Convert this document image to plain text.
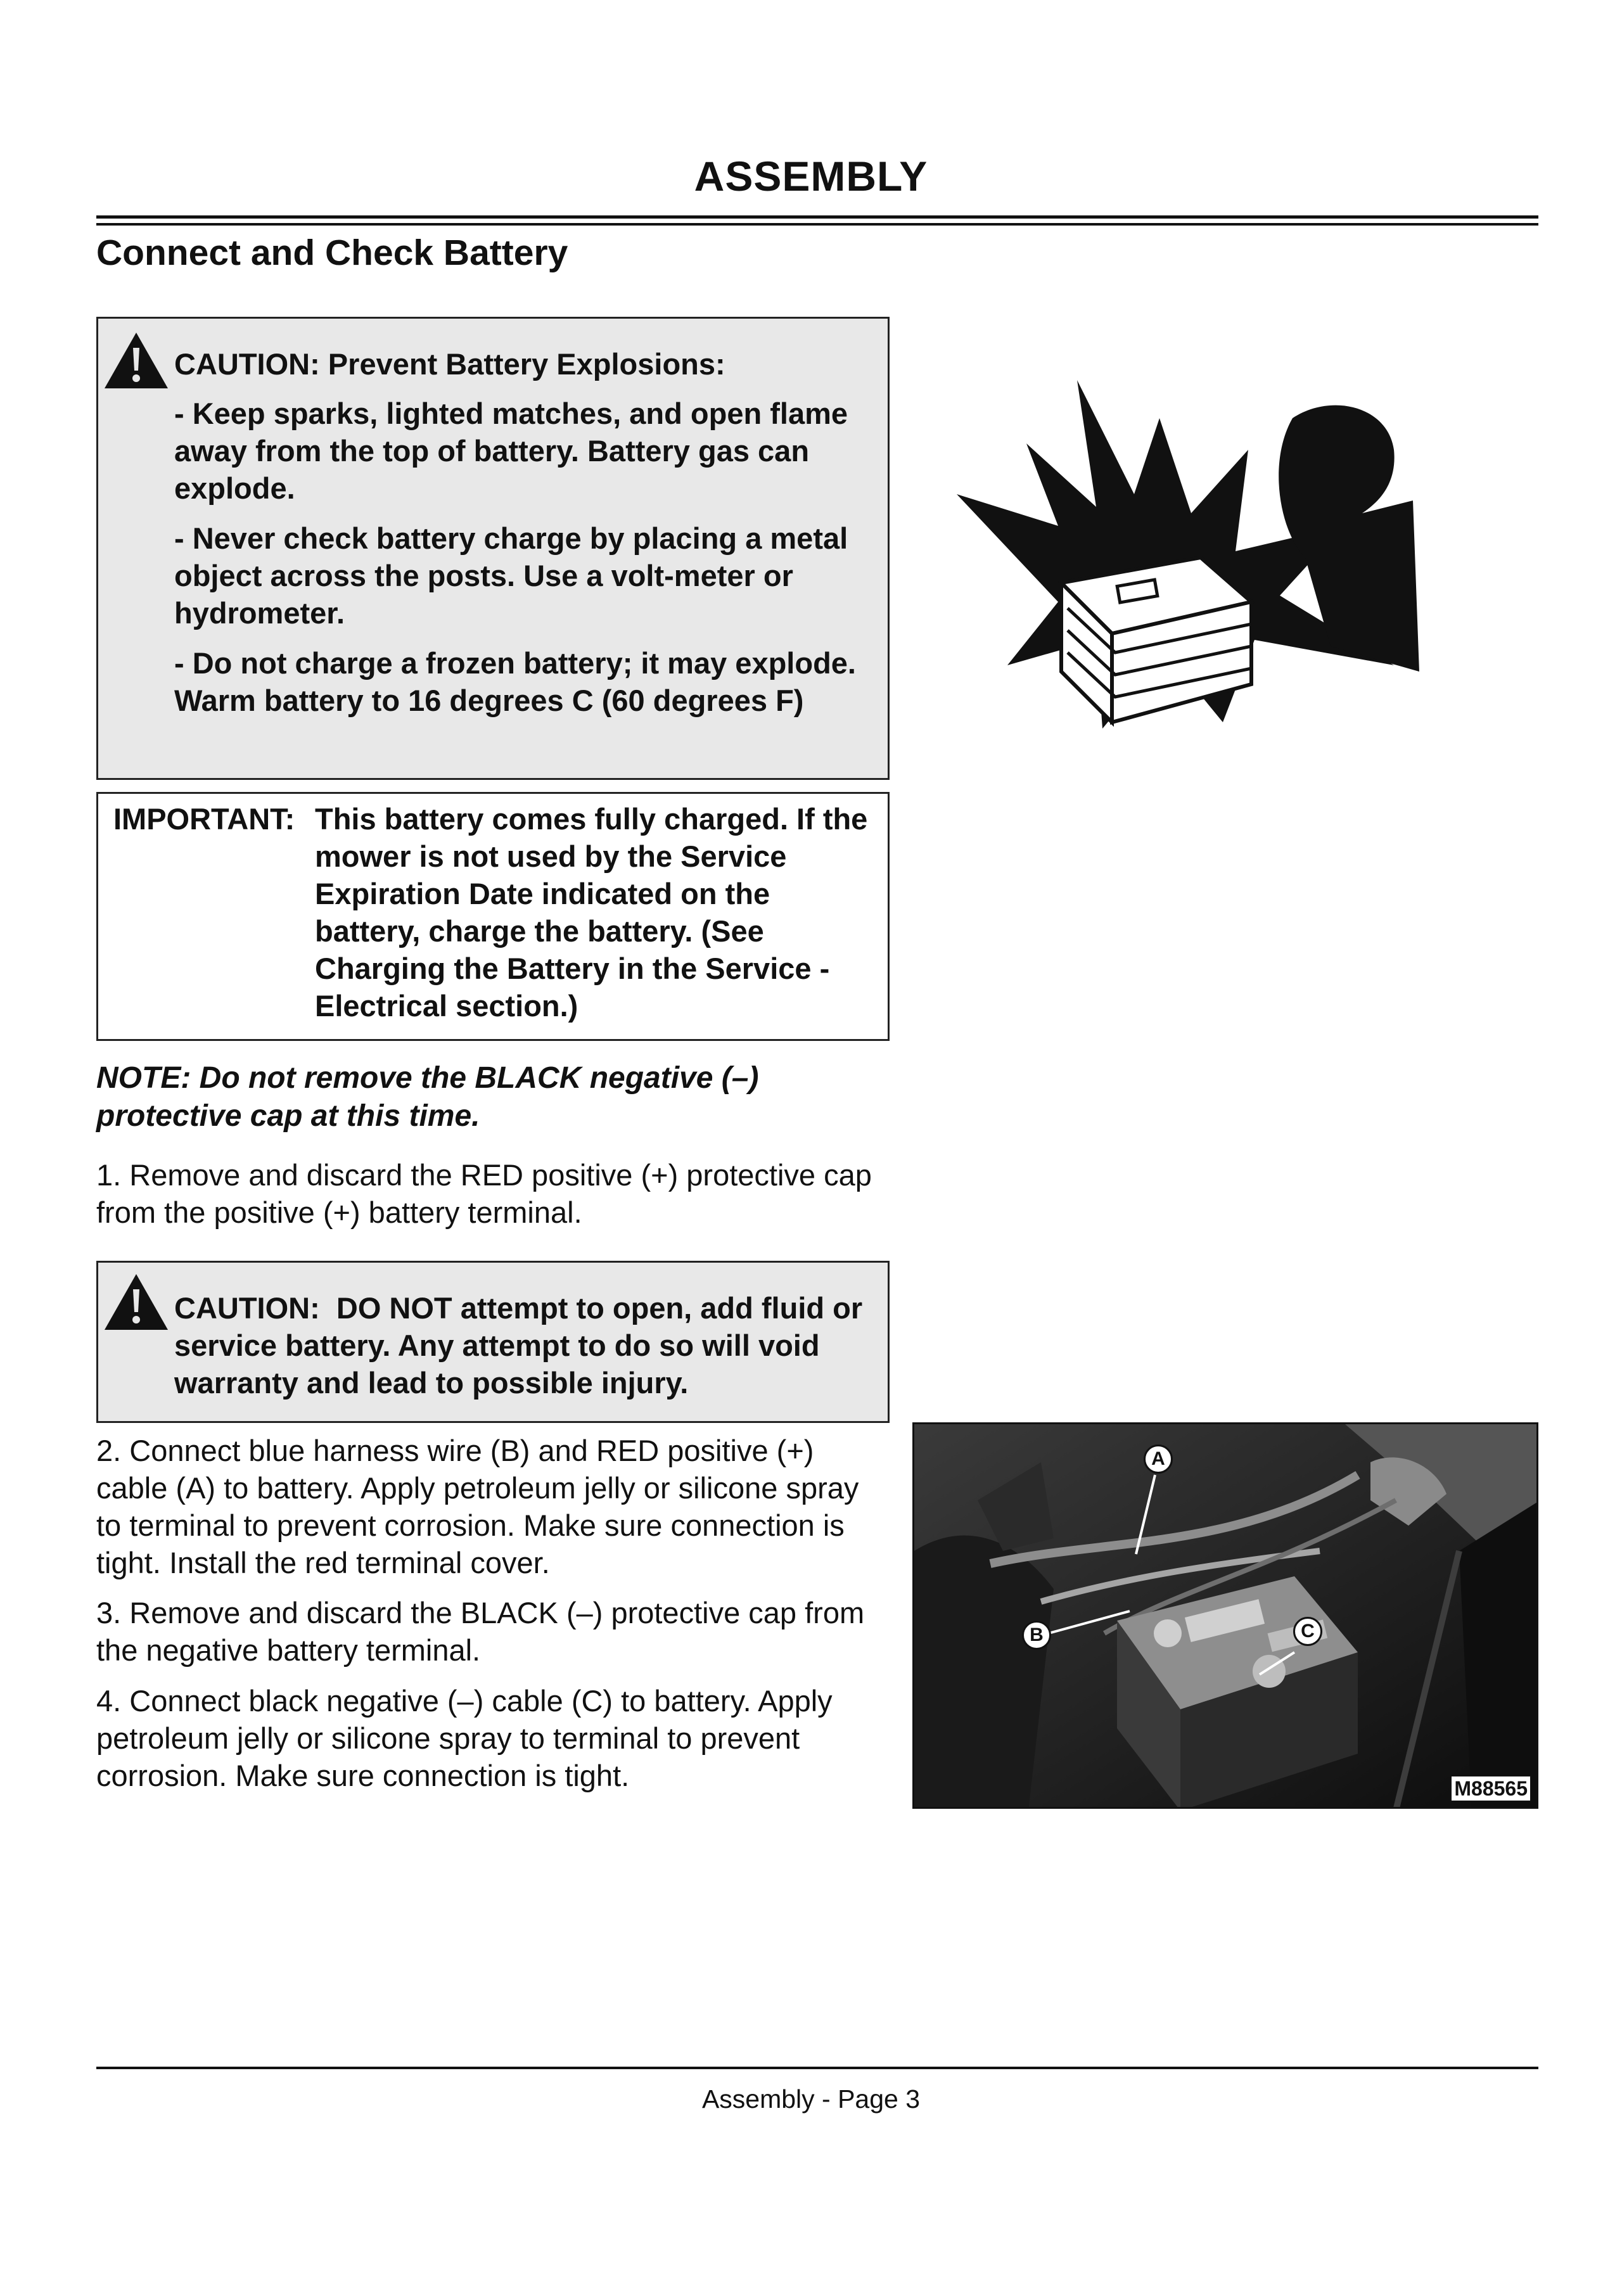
ASSEMBLY
Connect and Check Battery
CAUTION: Prevent Battery Explosions:
- Keep sparks, lighted matches, and open flame away from the top of battery. Battery gas can explode.
- Never check battery charge by placing a metal object across the posts. Use a volt-meter or hydrometer.
- Do not charge a frozen battery; it may explode. Warm battery to 16 degrees C (60 degrees F)
IMPORTANT: This battery comes fully charged. If the mower is not used by the Service Expiration Date indicated on the battery, charge the battery. (See Charging the Battery in the Service - Electrical section.)
NOTE: Do not remove the BLACK negative (–) protective cap at this time.
1. Remove and discard the RED positive (+) protective cap from the positive (+) battery terminal.
CAUTION: DO NOT attempt to open, add fluid or service battery. Any attempt to do so will void warranty and lead to possible injury.
2. Connect blue harness wire (B) and RED positive (+) cable (A) to battery. Apply petroleum jelly or silicone spray to terminal to prevent corrosion. Make sure connection is tight. Install the red terminal cover.
3. Remove and discard the BLACK (–) protective cap from the negative battery terminal.
4. Connect black negative (–) cable (C) to battery. Apply petroleum jelly or silicone spray to terminal to prevent corrosion. Make sure connection is tight.
A
B	C
M88565
Assembly - Page 3
